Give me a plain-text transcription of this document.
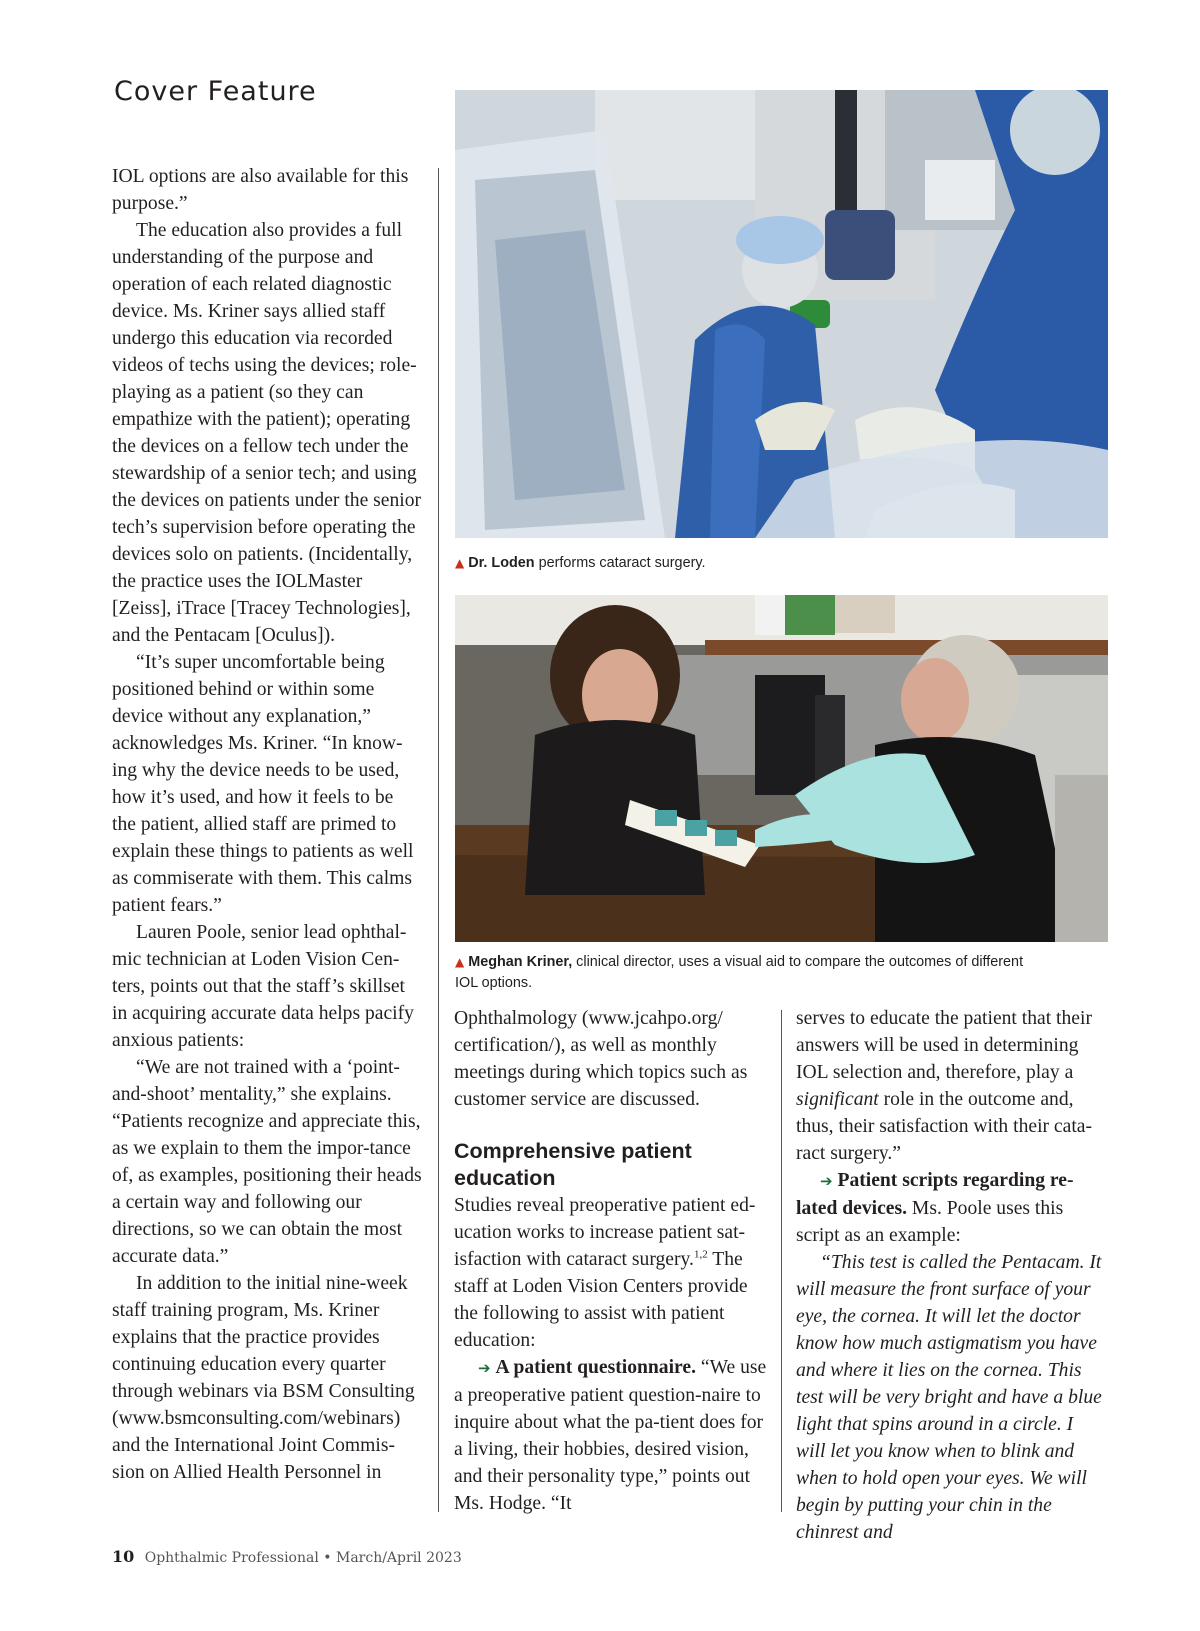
Cover Feature

IOL options are also available for this purpose.”

The education also provides a full understanding of the purpose and operation of each related diagnostic device. Ms. Kriner says allied staff undergo this education via recorded videos of techs using the devices; role-playing as a patient (so they can empathize with the patient); operating the devices on a fellow tech under the stewardship of a senior tech; and using the devices on patients under the senior tech’s supervision before operating the devices solo on patients. (Incidentally, the practice uses the IOLMaster [Zeiss], iTrace [Tracey Technologies], and the Pentacam [Oculus]).

“It’s super uncomfortable being positioned behind or within some device without any explanation,” acknowledges Ms. Kriner. “In know-ing why the device needs to be used, how it’s used, and how it feels to be the patient, allied staff are primed to explain these things to patients as well as commiserate with them. This calms patient fears.”

Lauren Poole, senior lead ophthal-mic technician at Loden Vision Cen-ters, points out that the staff’s skillset in acquiring accurate data helps pacify anxious patients:

“We are not trained with a ‘point-and-shoot’ mentality,” she explains. “Patients recognize and appreciate this, as we explain to them the impor-tance of, as examples, positioning their heads a certain way and following our directions, so we can obtain the most accurate data.”

In addition to the initial nine-week staff training program, Ms. Kriner explains that the practice provides continuing education every quarter through webinars via BSM Consulting (www.bsmconsulting.com/webinars) and the International Joint Commis-sion on Allied Health Personnel in

▲ Dr. Loden performs cataract surgery.
▲ Meghan Kriner, clinical director, uses a visual aid to compare the outcomes of different
IOL options.

Ophthalmology (www.jcahpo.org/ certification/), as well as monthly meetings during which topics such as customer service are discussed.

Comprehensive patient education

Studies reveal preoperative patient ed-ucation works to increase patient sat-isfaction with cataract surgery.$^{1,2}$ The staff at Loden Vision Centers provide the following to assist with patient education:

➔ A patient questionnaire. “We use a preoperative patient question-naire to inquire about what the pa-tient does for a living, their hobbies, desired vision, and their personality type,” points out Ms. Hodge. “It

serves to educate the patient that their answers will be used in determining IOL selection and, therefore, play a significant role in the outcome and, thus, their satisfaction with their cata-ract surgery.”

➔ Patient scripts regarding re-lated devices. Ms. Poole uses this script as an example:

“This test is called the Pentacam. It will measure the front surface of your eye, the cornea. It will let the doctor know how much astigmatism you have and where it lies on the cornea. This test will be very bright and have a blue light that spins around in a circle. I will let you know when to blink and when to hold open your eyes. We will begin by putting your chin in the chinrest and

10 Ophthalmic Professional • March/April 2023
